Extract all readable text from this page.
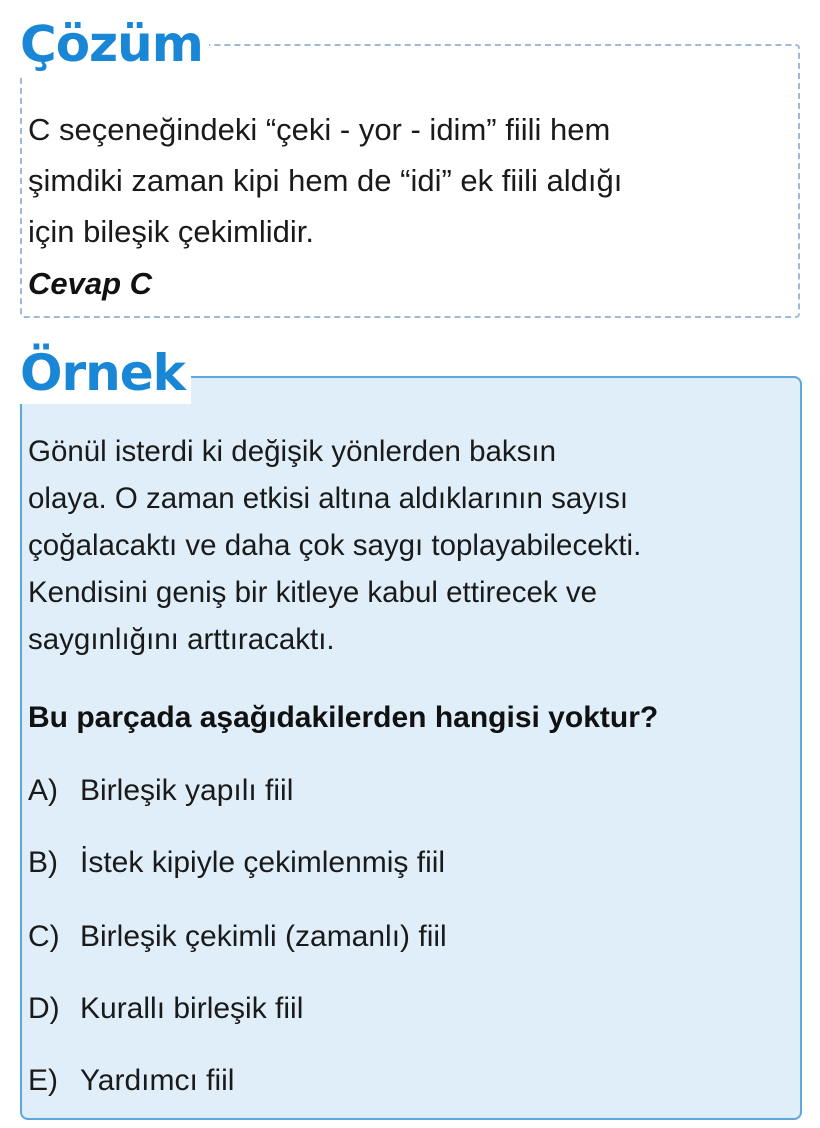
Çözüm

C seçeneğindeki “çeki - yor - idim” fiili hem

şimdiki zaman kipi hem de “idi” ek fiili aldığı

için bileşik çekimlidir.

Cevap C
Örnek

Gönül isterdi ki değişik yönlerden baksın

olaya. O zaman etkisi altına aldıklarının sayısı

çoğalacaktı ve daha çok saygı toplayabilecekti.

Kendisini geniş bir kitleye kabul ettirecek ve

saygınlığını arttıracaktı.

Bu parçada aşağıdakilerden hangisi yoktur?
A) Birleşik yapılı fiil
B) İstek kipiyle çekimlenmiş fiil
C) Birleşik çekimli (zamanlı) fiil
D) Kurallı birleşik fiil
E) Yardımcı fiil
